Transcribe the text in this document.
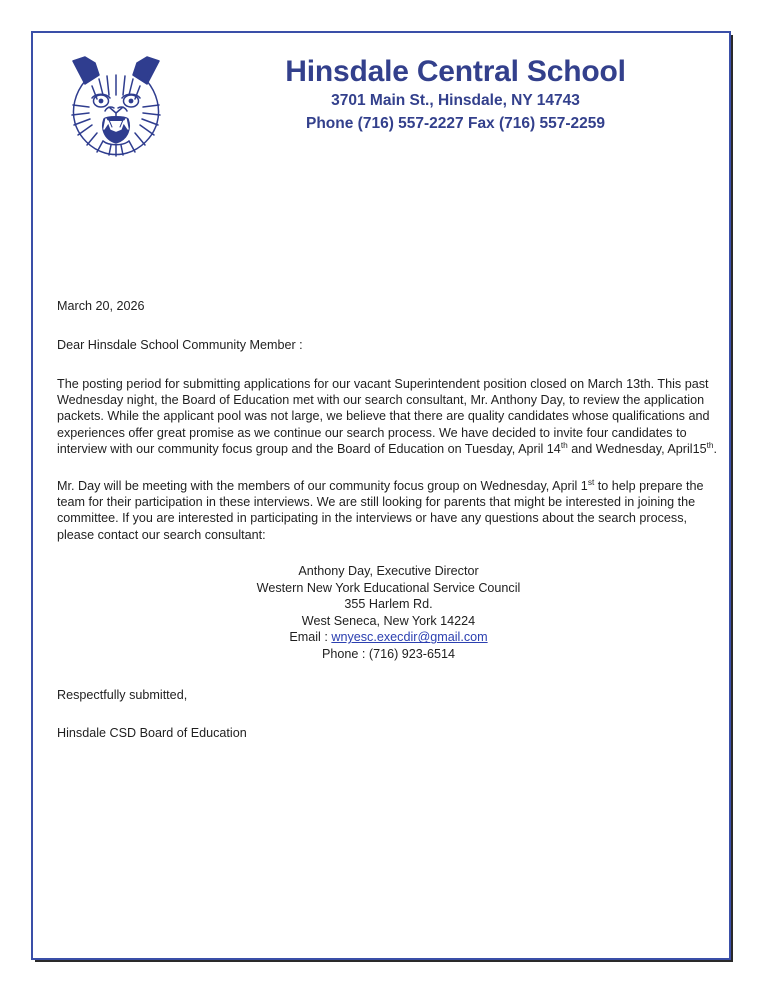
Hinsdale Central School
3701 Main St., Hinsdale, NY 14743
Phone (716) 557-2227 Fax (716) 557-2259
March 20, 2026
Dear Hinsdale School Community Member :

The posting period for submitting applications for our vacant Superintendent position closed on March 13th. This past Wednesday night, the Board of Education met with our search consultant, Mr. Anthony Day, to review the application packets. While the applicant pool was not large, we believe that there are quality candidates whose qualifications and experiences offer great promise as we continue our search process. We have decided to invite four candidates to interview with our community focus group and the Board of Education on Tuesday, April 14th and Wednesday, April15th.

Mr. Day will be meeting with the members of our community focus group on Wednesday, April 1st to help prepare the team for their participation in these interviews. We are still looking for parents that might be interested in joining the committee. If you are interested in participating in the interviews or have any questions about the search process, please contact our search consultant:

Anthony Day, Executive Director
Western New York Educational Service Council
355 Harlem Rd.
West Seneca, New York 14224
Email : wnyesc.execdir@gmail.com
Phone : (716) 923-6514
Respectfully submitted,
Hinsdale CSD Board of Education
